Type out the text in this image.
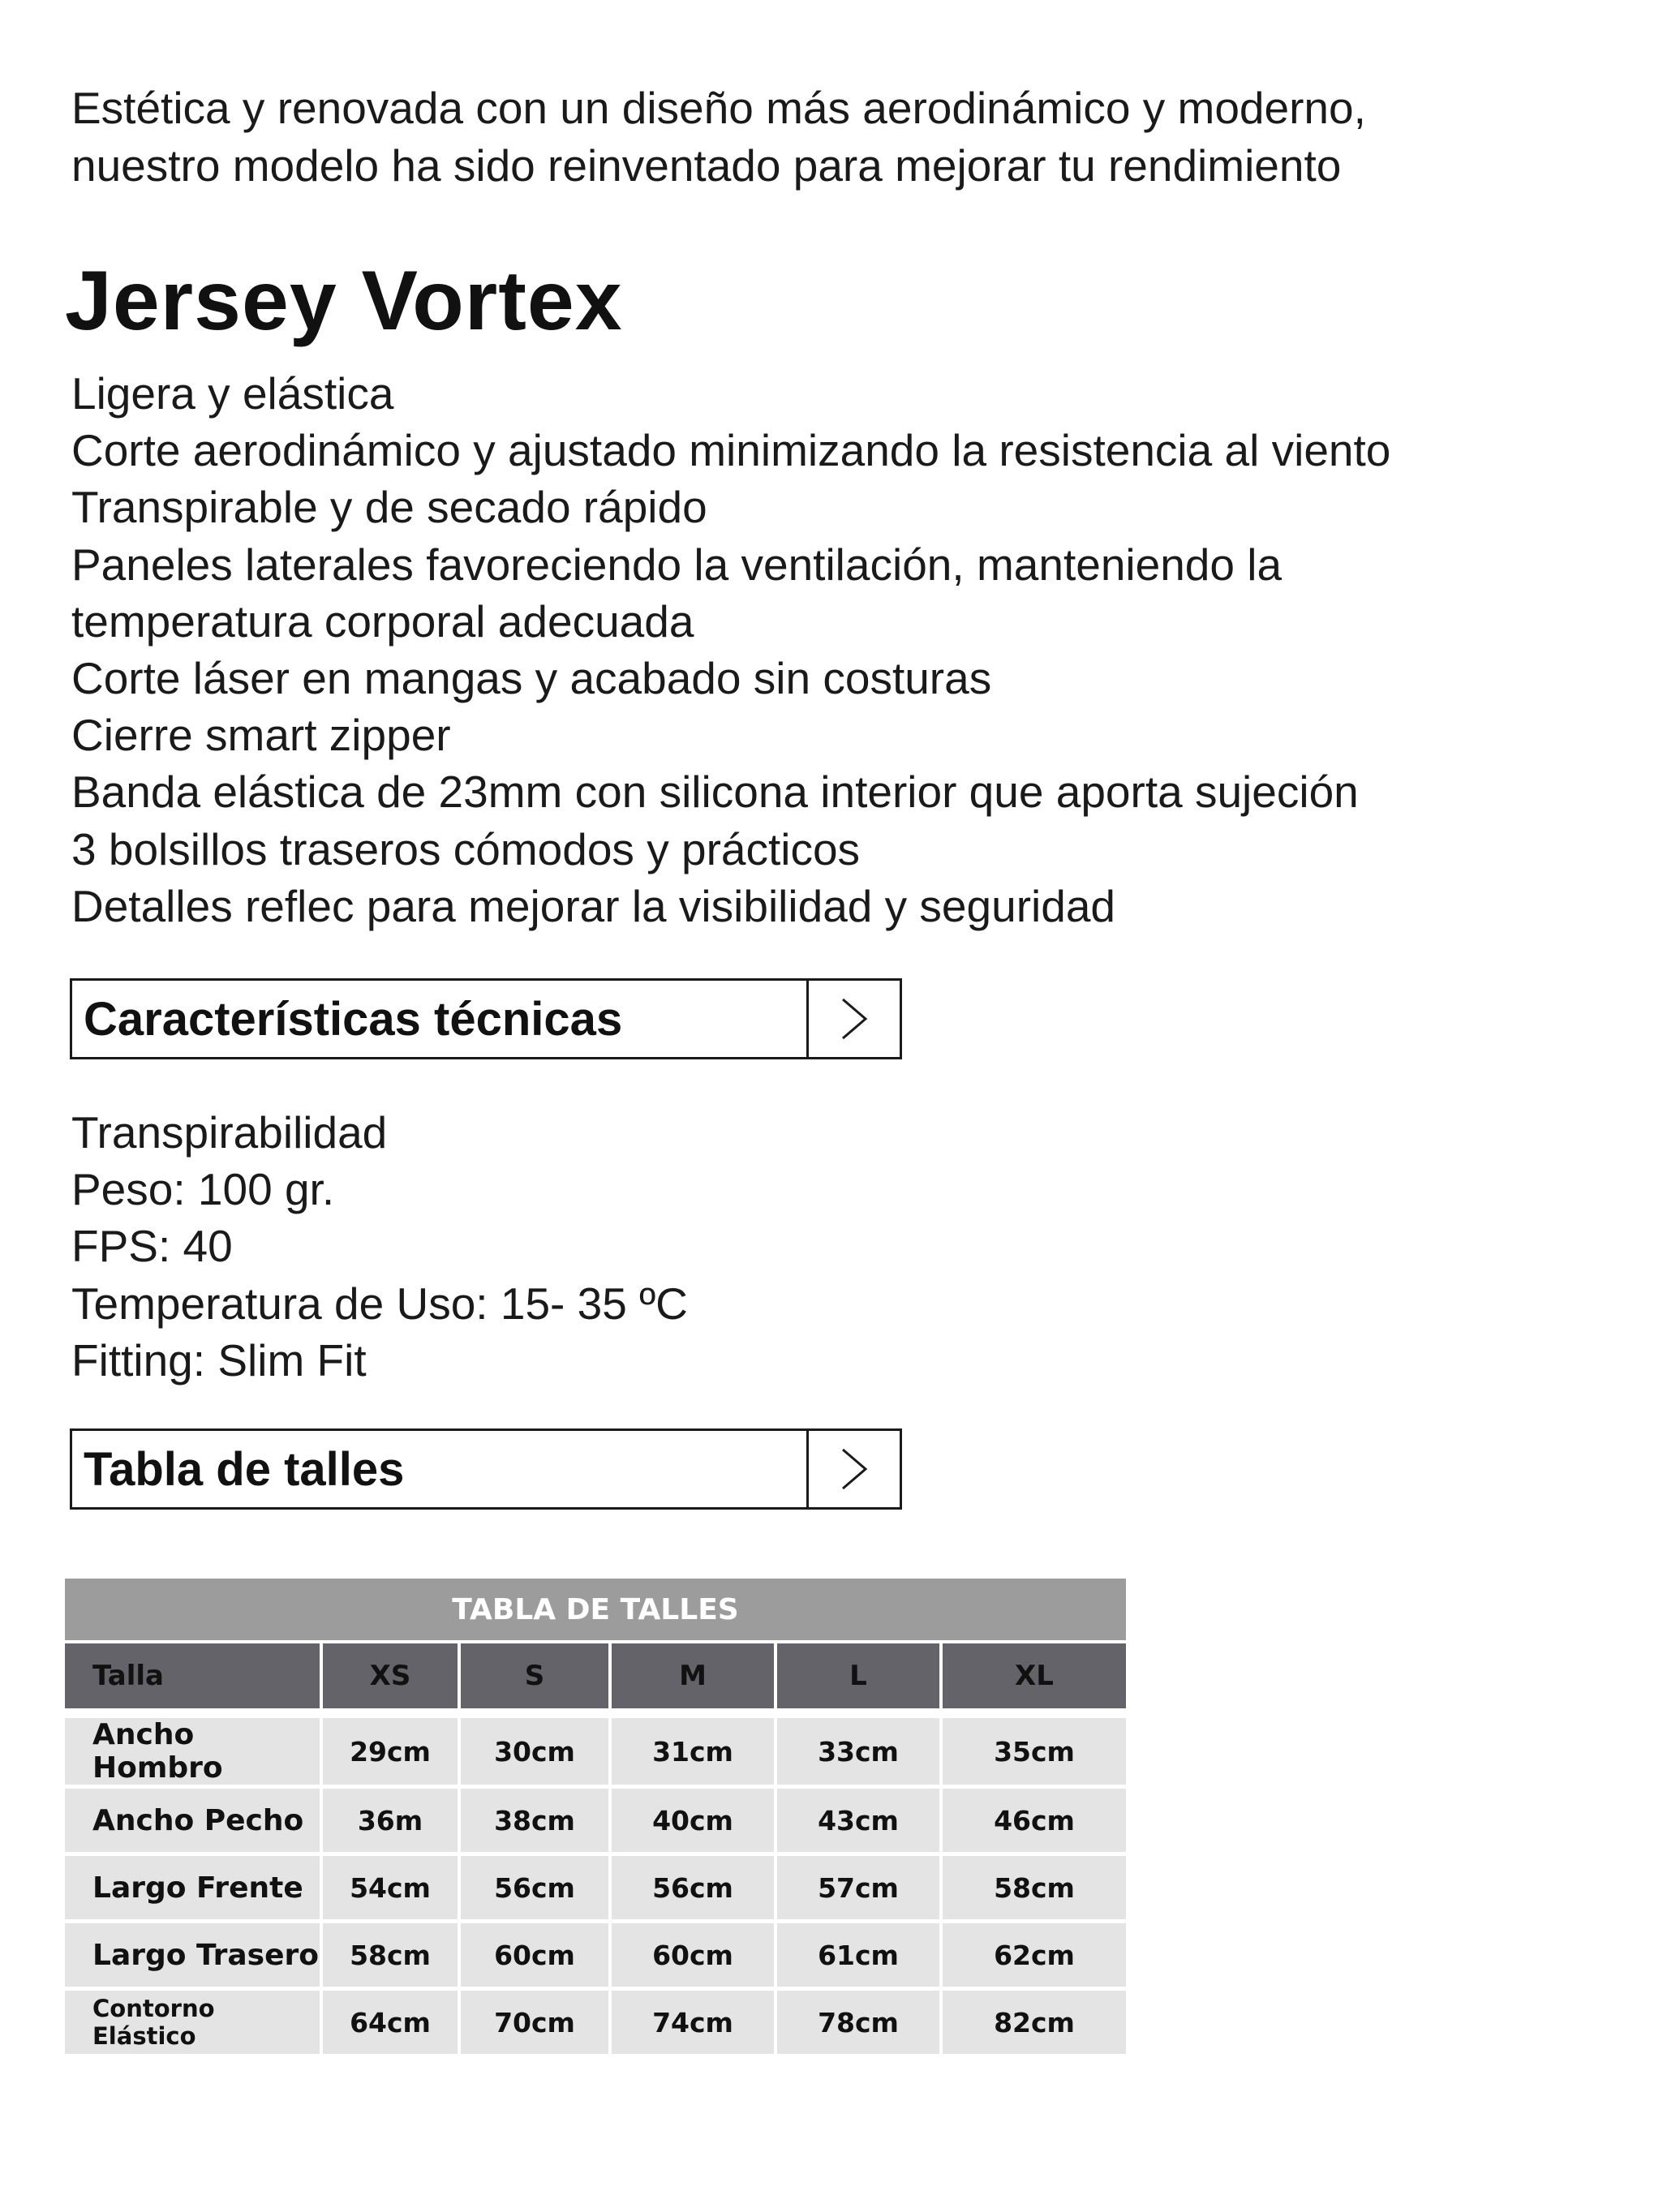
Estética y renovada con un diseño más aerodinámico y moderno,
nuestro modelo ha sido reinventado para mejorar tu rendimiento

Jersey Vortex
Ligera y elástica
Corte aerodinámico y ajustado minimizando la resistencia al viento
Transpirable y de secado rápido
Paneles laterales favoreciendo la ventilación, manteniendo la
temperatura corporal adecuada
Corte láser en mangas y acabado sin costuras
Cierre smart zipper
Banda elástica de 23mm con silicona interior que aporta sujeción
3 bolsillos traseros cómodos y prácticos
Detalles reflec para mejorar la visibilidad y seguridad
Características técnicas
Transpirabilidad
Peso: 100 gr.
FPS: 40
Temperatura de Uso: 15- 35 ºC
Fitting: Slim Fit
Tabla de talles
TABLA DE TALLES					
Talla	XS	S	M	L	XL
Ancho Hombro	29cm	30cm	31cm	33cm	35cm
Ancho Pecho	36m	38cm	40cm	43cm	46cm
Largo Frente	54cm	56cm	56cm	57cm	58cm
Largo Trasero	58cm	60cm	60cm	61cm	62cm
Contorno Elástico	64cm	70cm	74cm	78cm	82cm
